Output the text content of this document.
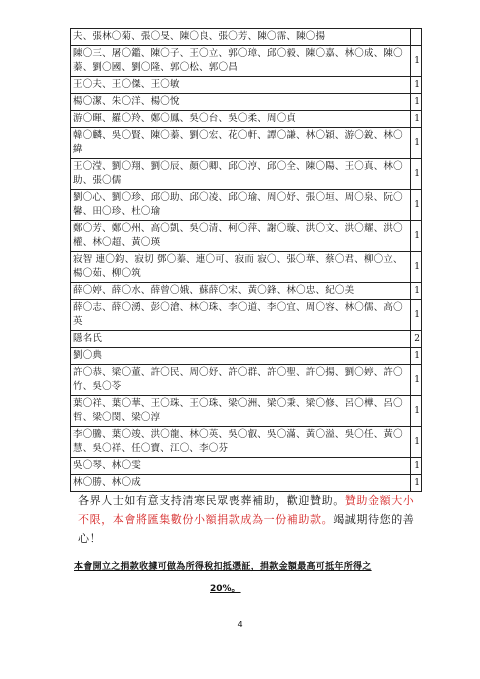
夫、張林〇菊、張〇旻、陳〇良、張〇芳、陳〇霈、陳〇揚	
陳〇三、屠〇鑑、陳〇子、王〇立、郭〇璋、邱〇毅、陳〇嘉、林〇成、陳〇蓁、劉〇國、劉〇隆、郭〇松、郭〇昌	1
王〇夫、王〇傑、王〇敏	1
楊〇潔、朱〇洋、楊〇悅	1
游〇暉、羅〇羚、鄭〇鳳、吳〇台、吳〇柔、周〇貞	1
韓〇麟、吳〇賢、陳〇蓁、劉〇宏、花〇軒、譚〇謙、林〇穎、游〇銳、林〇緯	1
王〇滢、劉〇翔、劉〇辰、顏〇卿、邱〇涥、邱〇全、陳〇陽、王〇真、林〇助、張〇儒	1
劉〇心、劉〇珍、邱〇助、邱〇凌、邱〇瑜、周〇妤、張〇垣、周〇泉、阮〇馨、田〇珍、杜〇瑜	1
鄭〇芳、鄭〇州、高〇凱、吳〇清、柯〇萍、謝〇璇、洪〇文、洪〇耀、洪〇權、林〇超、黃〇瑛	1
寂智 連〇鈞、寂切 鄧〇蓁、連〇可、寂而 寂〇、張〇華、蔡〇君、柳〇立、楊〇茹、柳〇筑	1
薛〇婷、薛〇水、薛曾〇娥、蘇薛〇宋、黃〇鋒、林〇忠、紀〇美	1
薛〇志、薛〇湧、彭〇滄、林〇珠、李〇道、李〇宜、周〇容、林〇儒、高〇英	1
隱名氏	2
劉〇典	1
許〇恭、梁〇董、許〇民、周〇妤、許〇群、許〇聖、許〇揚、劉〇婷、許〇竹、吳〇苓	1
葉〇祥、葉〇華、王〇珠、王〇珠、梁〇洲、梁〇秉、梁〇修、呂〇樺、呂〇哲、梁〇閔、梁〇淳	1
李〇騰、葉〇竣、洪〇龍、林〇英、吳〇叡、吳〇滿、黃〇溢、吳〇任、黃〇慧、吳〇祥、任〇寶、江〇、李〇芬	1
吳〇琴、林〇雯	1
林〇勝、林〇成	1
各界人士如有意支持清寒民眾喪葬補助，歡迎贊助。贊助金額大小不限，本會將匯集數份小額捐款成為一份補助款。竭誠期待您的善心！
本會開立之捐款收據可做為所得稅扣抵憑証，捐款金額最高可抵年所得之
20%。
4
